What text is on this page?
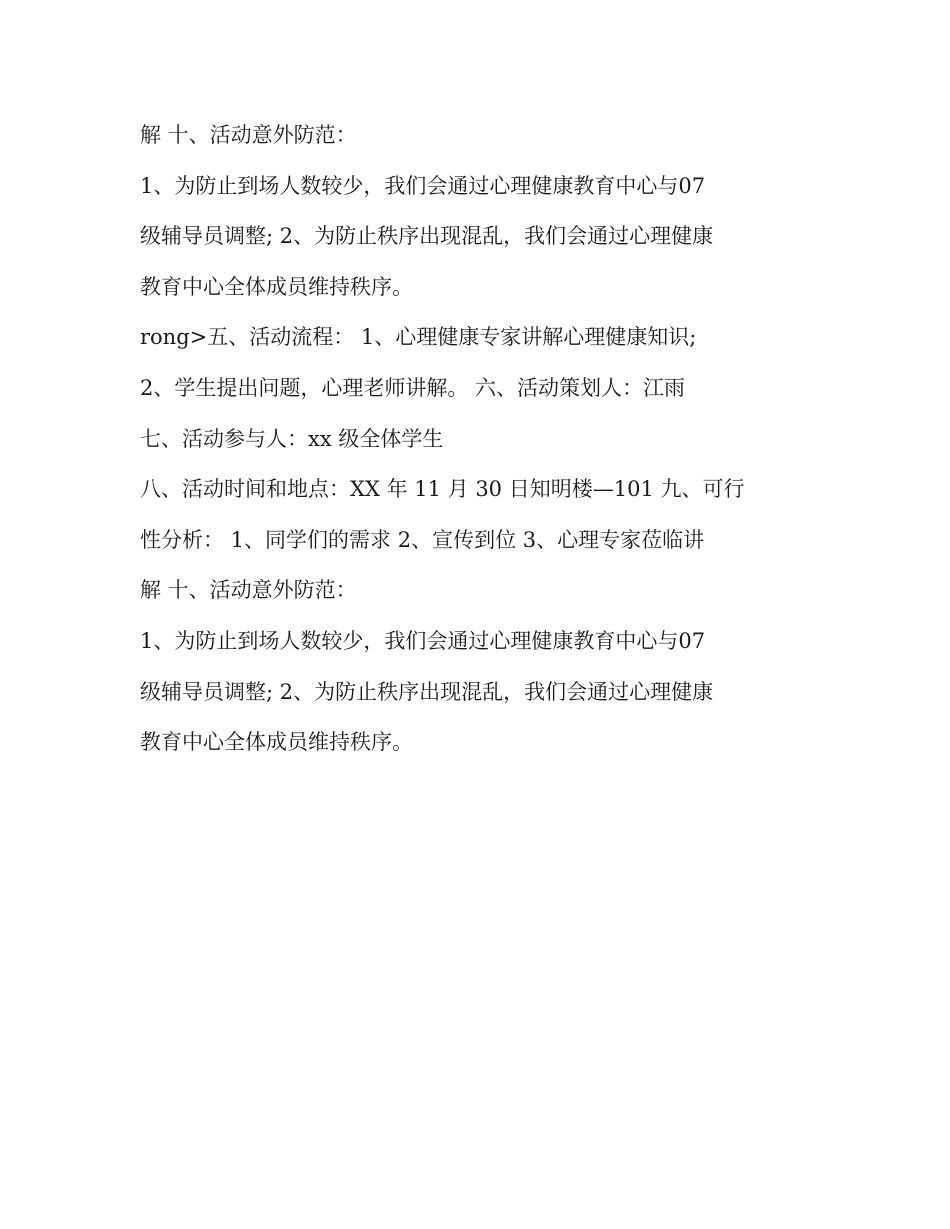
解 十、活动意外防范：
1、为防止到场人数较少，我们会通过心理健康教育中心与07
级辅导员调整; 2、为防止秩序出现混乱，我们会通过心理健康
教育中心全体成员维持秩序。
rong>五、活动流程： 1、心理健康专家讲解心理健康知识;
2、学生提出问题，心理老师讲解。 六、活动策划人：江雨
七、活动参与人：xx 级全体学生
八、活动时间和地点：XX 年 11 月 30 日知明楼—101 九、可行
性分析： 1、同学们的需求 2、宣传到位 3、心理专家莅临讲
解 十、活动意外防范：
1、为防止到场人数较少，我们会通过心理健康教育中心与07
级辅导员调整; 2、为防止秩序出现混乱，我们会通过心理健康
教育中心全体成员维持秩序。
